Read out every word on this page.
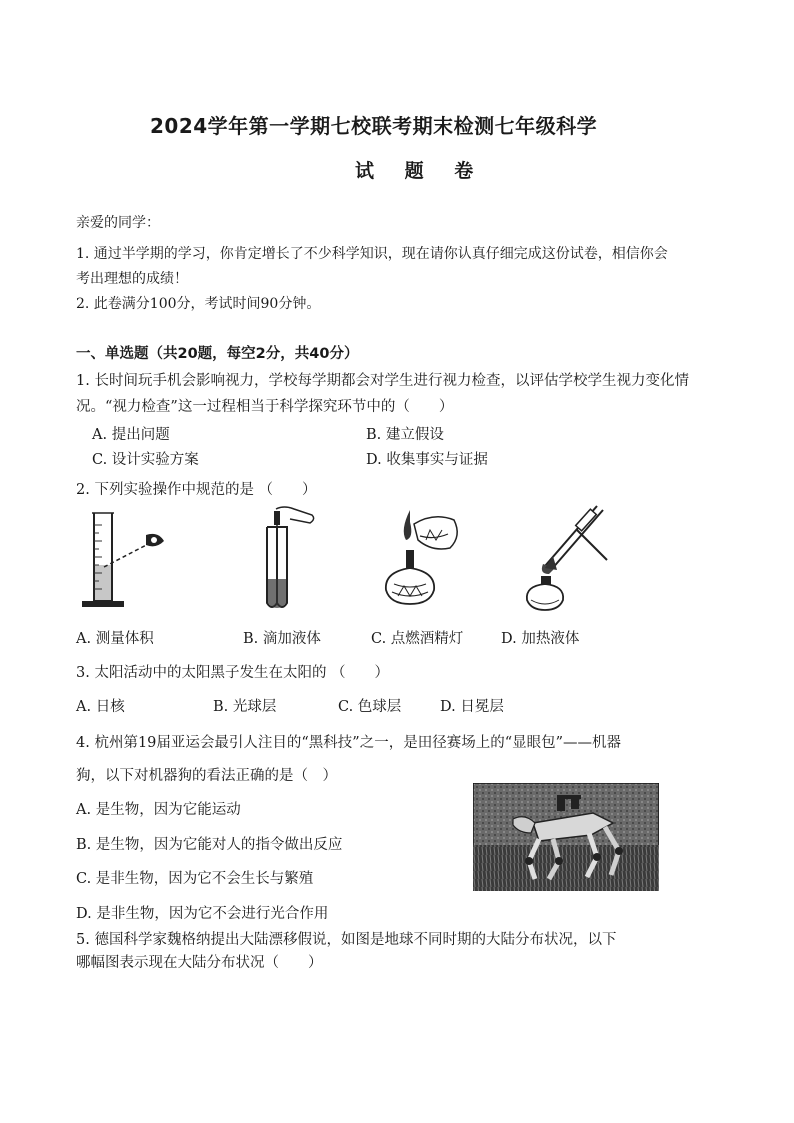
2024学年第一学期七校联考期末检测七年级科学
试 题 卷
亲爱的同学：
1. 通过半学期的学习，你肯定增长了不少科学知识，现在请你认真仔细完成这份试卷，相信你会
考出理想的成绩！
2. 此卷满分100分，考试时间90分钟。
一、单选题（共20题，每空2分，共40分）
1. 长时间玩手机会影响视力，学校每学期都会对学生进行视力检查，以评估学校学生视力变化情
况。“视力检查”这一过程相当于科学探究环节中的（　　）
A. 提出问题	B. 建立假设
C. 设计实验方案	D. 收集事实与证据
2. 下列实验操作中规范的是 （　　）
A. 测量体积	B. 滴加液体	C. 点燃酒精灯	D. 加热液体
3. 太阳活动中的太阳黑子发生在太阳的 （　　）
A. 日核	B. 光球层	C. 色球层	D. 日冕层
4. 杭州第19届亚运会最引人注目的“黑科技”之一，是田径赛场上的“显眼包”——机器
狗，以下对机器狗的看法正确的是（　）
A. 是生物，因为它能运动
B. 是生物，因为它能对人的指令做出反应
C. 是非生物，因为它不会生长与繁殖
D. 是非生物，因为它不会进行光合作用
5. 德国科学家魏格纳提出大陆漂移假说，如图是地球不同时期的大陆分布状况，以下
哪幅图表示现在大陆分布状况（　　）
